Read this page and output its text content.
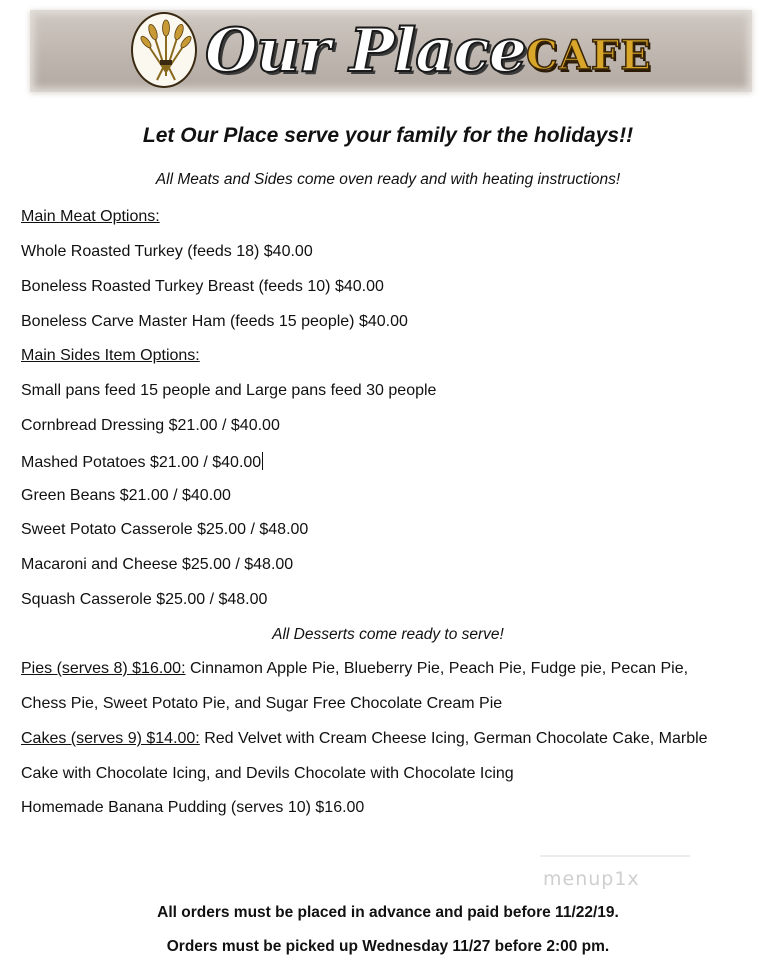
Our Place CAFE
Let Our Place serve your family for the holidays!!
All Meats and Sides come oven ready and with heating instructions!
Main Meat Options:
Whole Roasted Turkey (feeds 18) $40.00
Boneless Roasted Turkey Breast (feeds 10) $40.00
Boneless Carve Master Ham (feeds 15 people) $40.00
Main Sides Item Options:
Small pans feed 15 people and Large pans feed 30 people
Cornbread Dressing $21.00 / $40.00
Mashed Potatoes $21.00 / $40.00
Green Beans $21.00 / $40.00
Sweet Potato Casserole $25.00 / $48.00
Macaroni and Cheese $25.00 / $48.00
Squash Casserole $25.00 / $48.00
All Desserts come ready to serve!
Pies (serves 8) $16.00: Cinnamon Apple Pie, Blueberry Pie, Peach Pie, Fudge pie, Pecan Pie,
Chess Pie, Sweet Potato Pie, and Sugar Free Chocolate Cream Pie
Cakes (serves 9) $14.00: Red Velvet with Cream Cheese Icing, German Chocolate Cake, Marble
Cake with Chocolate Icing, and Devils Chocolate with Chocolate Icing
Homemade Banana Pudding (serves 10) $16.00
menup1x
All orders must be placed in advance and paid before 11/22/19.
Orders must be picked up Wednesday 11/27 before 2:00 pm.
